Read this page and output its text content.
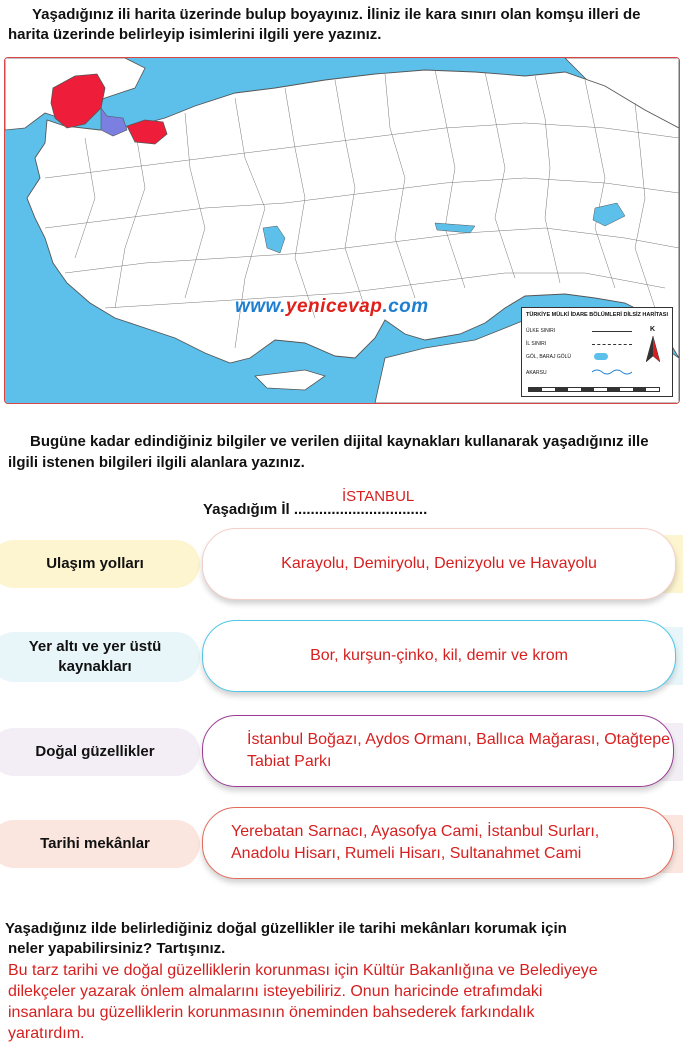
Yaşadığınız ili harita üzerinde bulup boyayınız. İliniz ile kara sınırı olan komşu illeri de
harita üzerinde belirleyip isimlerini ilgili yere yazınız.
www.yenicevap.com	TÜRKİYE MÜLKİ İDARE BÖLÜMLERİ DİLSİZ HARİTASI
ÜLKE SINIRI
İL SINIRI
GÖL, BARAJ GÖLÜ
AKARSU
K
Bugüne kadar edindiğiniz bilgiler ve verilen dijital kaynakları kullanarak yaşadığınız ille
ilgili istenen bilgileri ilgili alanlara yazınız.
Yaşadığım İl ................................
İSTANBUL
Ulaşım yolları	Karayolu, Demiryolu, Denizyolu ve Havayolu
Yer altı ve yer üstü kaynakları
Bor, kurşun-çinko, kil, demir ve krom
Doğal güzellikler
İstanbul Boğazı, Aydos Ormanı, Ballıca Mağarası, Otağtepe Tabiat Parkı
Tarihi mekânlar
Yerebatan Sarnacı, Ayasofya Cami, İstanbul Surları, Anadolu Hisarı, Rumeli Hisarı, Sultanahmet Cami
Yaşadığınız ilde belirlediğiniz doğal güzellikler ile tarihi mekânları korumak için
neler yapabilirsiniz? Tartışınız.
Bu tarz tarihi ve doğal güzelliklerin korunması için Kültür Bakanlığına ve Belediyeye
dilekçeler yazarak önlem almalarını isteyebiliriz. Onun haricinde etrafımdaki
insanlara bu güzelliklerin korunmasının öneminden bahsederek farkındalık
yaratırdım.
